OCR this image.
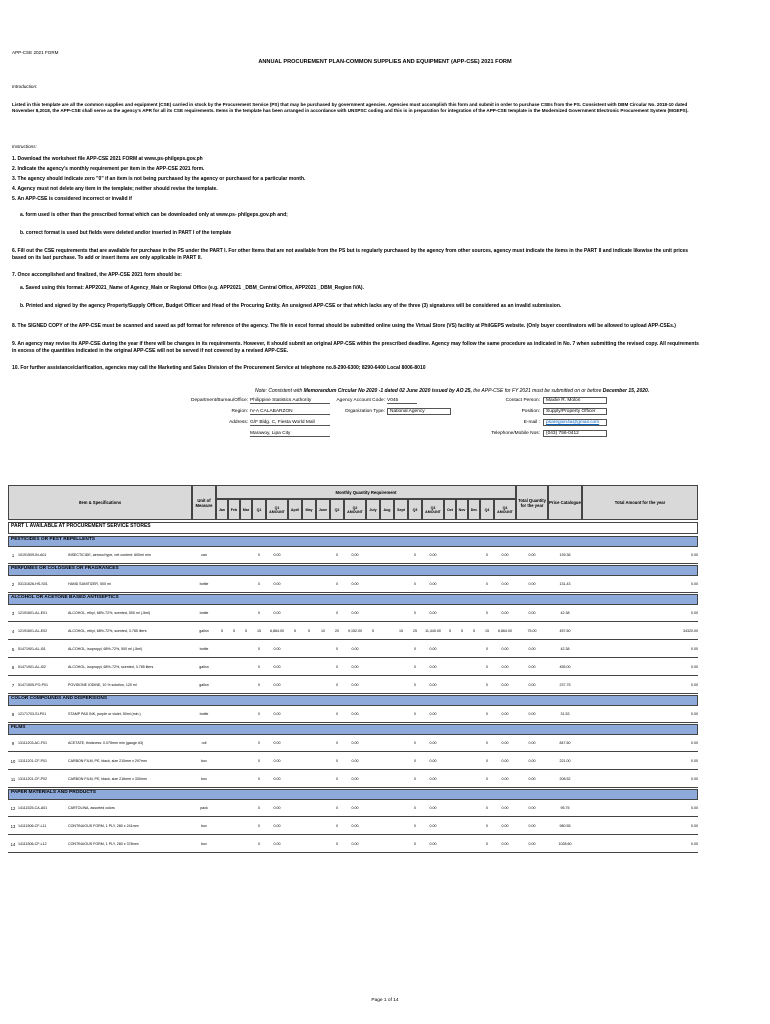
APP-CSE 2021 FORM
ANNUAL PROCUREMENT PLAN-COMMON SUPPLIES AND EQUIPMENT (APP-CSE) 2021 FORM
Introduction:
Listed in this template are all the common supplies and equipment (CSE) carried in stock by the Procurement Service (PS) that may be purchased by government agencies. Agencies must accomplish this form and submit in order to purchase CSEs from the PS. Consistent with DBM Circular No. 2018-10 dated November 8,2018, the APP-CSE shall serve as the agency's APR for all its CSE requirements. Items in the template has been arranged in accordance with UNSPSC coding and this is in preparation for integration of the APP-CSE template in the Modernized Government Electronic Procurement System (MGEPS).
Instructions:
1. Download the worksheet file APP-CSE 2021 FORM at www.ps-philgeps.gov.ph
2. Indicate the agency's monthly requirement per item in the APP-CSE 2021 form.
3. The agency should indicate zero "0" if an item is not being purchased by the agency or purchased for a particular month.
4. Agency must not delete any item in the template; neither should revise the template.
5. An APP-CSE is considered incorrect or invalid if
a. form used is other than the prescribed format which can be downloaded only at www.ps- philgeps.gov.ph and;
b. correct format is used but fields were deleted and/or inserted in PART I of the template
6. Fill out the CSE requirements that are available for purchase in the PS under the PART I. For other Items that are not available from the PS but is regularly purchased by the agency from other sources, agency must indicate the items in the PART II and indicate likewise the unit prices based on its last purchase. To add or insert items are only applicable in PART II.
7. Once accomplished and finalized, the APP-CSE 2021 form should be:
a. Saved using this format: APP2021_Name of Agency_Main or Regional Office (e.g. APP2021 _DBM_Central Office, APP2021 _DBM_Region IVA).
b. Printed and signed by the agency Property/Supply Officer, Budget Officer and Head of the Procuring Entity. An unsigned APP-CSE or that which lacks any of the three (3) signatures will be considered as an invalid submission.
8. The SIGNED COPY of the APP-CSE must be scanned and saved as pdf format for reference of the agency. The file in excel format should be submitted online using the Virtual Store (VS) facility at PhilGEPS website. (Only buyer coordinators will be allowed to upload APP-CSEs.)
9. An agency may revise its APP-CSE during the year if there will be changes in its requirements. However, it should submit an original APP-CSE within the prescribed deadline. Agency may follow the same procedure as indicated in No. 7 when submitting the revised copy. All requirements in excess of the quantities indicated in the original APP-CSE will not be served if not covered by a revised APP-CSE.
10. For further assistance/clarification, agencies may call the Marketing and Sales Division of the Procurement Service at telephone no.8-290-6300; 8290-6400 Local 8006-8010
Note: Consistent with Memorandum Circular No 2020 -1 dated 02 June 2020 issued by AO 25, the APP-CSE for FY 2021 must be submitted on or before December 15, 2020.
Department/Bureau/Office: Philippine Statistics Authority
Region: IV-A CALABARZON
Address: G/F Bldg. C, Fiesta World Mall
Marawoy, Lipa City
Agency Account Code: V045
Organization Type:	National Agency
Contact Person:	Maxlie R. Molon
Position:	Supply/Property Officer
E-mail :	psaregion4a@gmail.com
Telephone/Mobile Nos:	(043) 756-0412
Item & Specifications	Unit of Measure
Monthly Quantity Requirement
Total Quantity for the year	Price Catalogue	Total Amount for the year
Jan	Feb	Mar	Q1	Q1 AMOUNT	April	May	June	Q2	Q2 AMOUNT	July	Aug	Sept	Q3	Q3 AMOUNT	Oct	Nov	Dec	Q4	Q4 AMOUNT
PART I. AVAILABLE AT PROCUREMENT SERVICE STORES
PESTICIDES OR PEST REPELLENTS
1	10191509-IN-A01	INSECTICIDE, aerosol type, net content: 600ml min	can	0	0.00	0	0.00	0	0.00	0	0.00	0.00	139.36	0.00
PERFUMES OR COLOGNES OR FRAGRANCES
2	53131626-HS-S01	HAND SANITIZER, 500 ml	bottle	0	0.00	0	0.00	0	0.00	0	0.00	0.00	131.43	0.00
ALCOHOL OR ACETONE BASED ANTISEPTICS
3	12191601-AL-E01	ALCOHOL, ethyl, 68%-72%, scented, 500 ml (-5ml)	bottle	0	0.00	0	0.00	0	0.00	0	0.00	0.00	42.38	0.00
4	12191601-AL-E02	ALCOHOL, ethyl, 68%-72%, scented, 3.785 liters	gallon	5	5	5	15	6,864.00	5	5	10	20	9,152.00	5	15	25	11,440.00	5	5	5	15	6,864.00	75.00	457.60	34320.00
5	51471901-AL-I01	ALCOHOL, isopropyl, 68%-72%, 500 ml (-5ml)	bottle	0	0.00	0	0.00	0	0.00	0	0.00	0.00	42.38	0.00
6	51471901-AL-I02	ALCOHOL, isopropyl, 68%-72%, scented, 3.785 liters	gallon	0	0.00	0	0.00	0	0.00	0	0.00	0.00	455.00	0.00
7	51471505-PO-P01	POVIDONE IODINE, 10 % solution, 120 ml	gallon	0	0.00	0	0.00	0	0.00	0	0.00	0.00	237.75	0.00
COLOR COMPOUNDS AND DISPERSIONS
8	12171703-SI-P01	STAMP PAD INK, purple or violet, 50ml (min.)	bottle	0	0.00	0	0.00	0	0.00	0	0.00	0.00	31.53	0.00
FILMS
9	13111203-AC-F01	ACETATE, thickness: 0.075mm min (gauge #3)	roll	0	0.00	0	0.00	0	0.00	0	0.00	0.00	847.60	0.00
10 13111201-CF-P01	CARBON FILM, PE, black, size 210mm x 297mm	box	0	0.00	0	0.00	0	0.00	0	0.00	0.00	221.00	0.00
11 13111201-CF-P02	CARBON FILM, PE, black, size 216mm x 330mm	box	0	0.00	0	0.00	0	0.00	0	0.00	0.00	208.52	0.00
PAPER MATERIALS AND PRODUCTS
12 14111525-CA-A01	CARTOLINA, assorted colors	pack	0	0.00	0	0.00	0	0.00	0	0.00	0.00	95.75	0.00
13 14111506-CF-L11	CONTINUOUS FORM, 1 PLY, 280 x 241mm	box	0	0.00	0	0.00	0	0.00	0	0.00	0.00	980.55	0.00
14 14111506-CF-L12	CONTINUOUS FORM, 1 PLY, 280 x 378mm	box	0	0.00	0	0.00	0	0.00	0	0.00	0.00	1028.60	0.00
Page 1 of 14
